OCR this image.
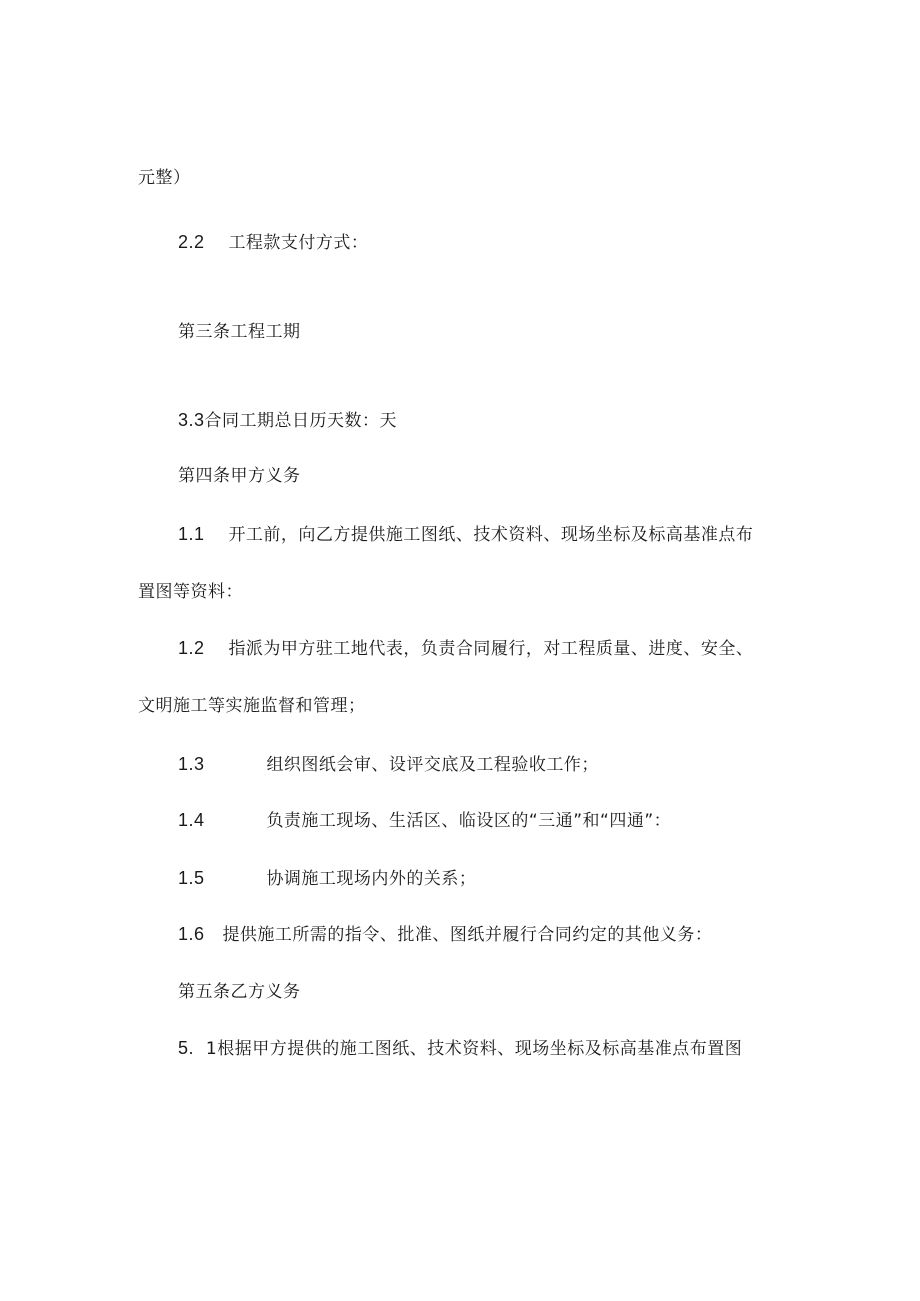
元整）
2.2 工程款支付方式：
第三条工程工期
3.3合同工期总日历天数：天
第四条甲方义务
1.1 开工前，向乙方提供施工图纸、技术资料、现场坐标及标高基准点布
置图等资料：
1.2 指派为甲方驻工地代表，负责合同履行，对工程质量、进度、安全、
文明施工等实施监督和管理；
1.3	组织图纸会审、设评交底及工程验收工作；
1.4	负责施工现场、生活区、临设区的“三通”和“四通”：
1.5	协调施工现场内外的关系；
1.6 提供施工所需的指令、批准、图纸并履行合同约定的其他义务：
第五条乙方义务
5. 1根据甲方提供的施工图纸、技术资料、现场坐标及标高基准点布置图
